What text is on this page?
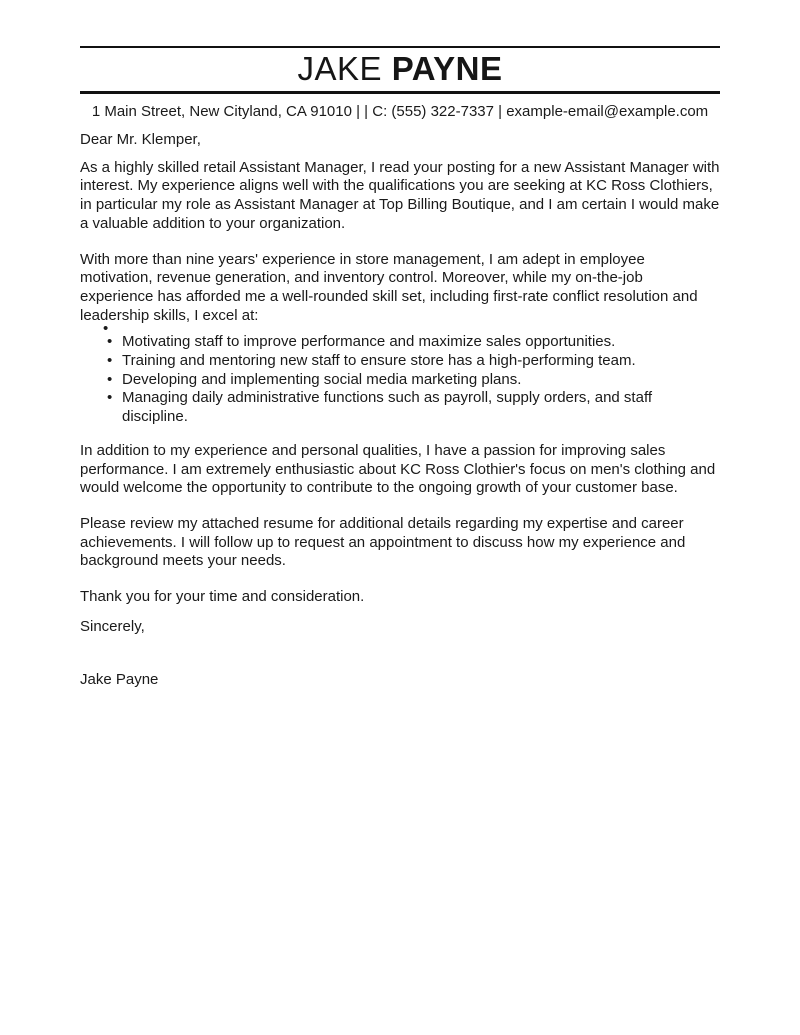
JAKE PAYNE
1 Main Street, New Cityland, CA 91010 | | C: (555) 322-7337 | example-email@example.com

Dear Mr. Klemper,

As a highly skilled retail Assistant Manager, I read your posting for a new Assistant Manager with interest. My experience aligns well with the qualifications you are seeking at KC Ross Clothiers, in particular my role as Assistant Manager at Top Billing Boutique, and I am certain I would make a valuable addition to your organization.

With more than nine years' experience in store management, I am adept in employee motivation, revenue generation, and inventory control. Moreover, while my on-the-job experience has afforded me a well-rounded skill set, including first-rate conflict resolution and leadership skills, I excel at:

•
• Motivating staff to improve performance and maximize sales opportunities.
• Training and mentoring new staff to ensure store has a high-performing team.
• Developing and implementing social media marketing plans.
• Managing daily administrative functions such as payroll, supply orders, and staff discipline.

In addition to my experience and personal qualities, I have a passion for improving sales performance. I am extremely enthusiastic about KC Ross Clothier's focus on men's clothing and would welcome the opportunity to contribute to the ongoing growth of your customer base.

Please review my attached resume for additional details regarding my expertise and career achievements. I will follow up to request an appointment to discuss how my experience and background meets your needs.

Thank you for your time and consideration.

Sincerely,

Jake Payne
